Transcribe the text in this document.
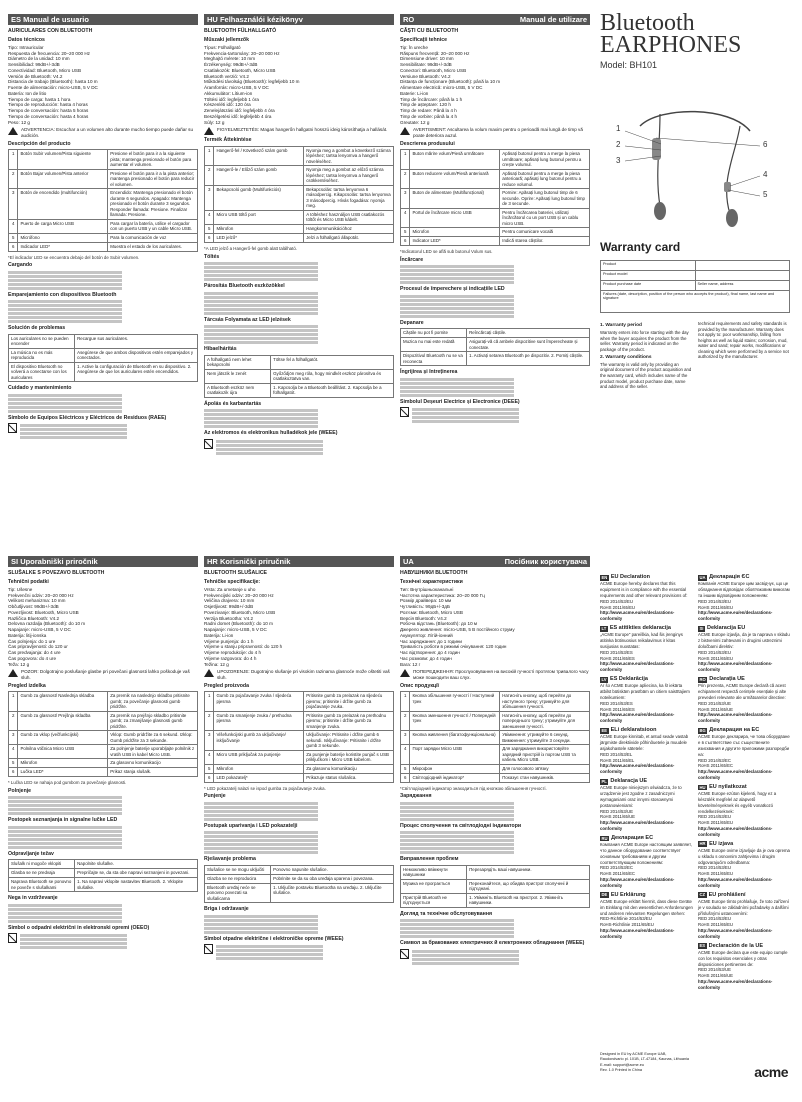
ES Manual de usuario
AURICULARES CON BLUETOOTH
Datos técnicos
Tipo: Intrauricular
Respuesta de frecuencia: 20–20 000 Hz
Diámetro de la unidad: 10 mm
Sensibilidad: 99dB+/-3dB
Conectividad: Bluetooth, Micro USB
Versión de Bluetooth: V4.2
Distancia de trabajo (Bluetooth): hasta 10 m
Fuente de alimentación: micro-USB, 5 V DC
Batería: Ion de litio
Tiempo de carga: hasta 1 hora
Tiempo de reproducción: hasta 4 horas
Tiempo de conversación: hasta 5 horas
Tiempo de conversación: hasta 4 horas
Peso: 12 g
ADVERTENCIA: Escuchar a un volumen alto durante mucho tiempo puede dañar su audición.
Descripción del producto
1	Botón Subir volumen/Pista siguiente	Presione el botón para ir a la siguiente pista; mantenga presionado el botón para aumentar el volumen.
2	Botón Bajar volumen/Pista anterior	Presione el botón para ir a la pista anterior; mantenga presionado el botón para reducir el volumen.
3	Botón de encendido (multifunción)	Encendido: Mantenga presionado el botón durante 6 segundos. Apagado: Mantenga presionado el botón durante 3 segundos. Responder llamada: Presione. Finalizar llamada: Presione.
4	Puerto de carga Micro USB	Para cargar la batería, utilice el cargador con un puerto USB y un cable Micro USB.
5	Micrófono	Para la comunicación de voz
6	Indicador LED*	Muestra el estado de los auriculares.
*El indicador LED se encuentra debajo del botón de Subir volumen.
Cargando
Emparejamiento con dispositivos Bluetooth
Solución de problemas
Los auriculares no se pueden encender	Recargue sus auriculares.
La música no es más reproducida	Asegúrese de que ambos dispositivos estén emparejados y conectados.
El dispositivo Bluetooth no volverá a conectarse con los auriculares	1. Active la configuración de Bluetooth en su dispositivo. 2. Asegúrese de que los auriculares estén encendidos.
Cuidado y mantenimiento
Símbolo de Equipos Eléctricos y Eléctricos de Residuos (RAEE)
HU Felhasználói kézikönyv
BLUETOOTH FÜLHALLGATÓ
Műszaki jellemzők
Típus: Fülhallgató
Frekvencia-tartomány: 20–20 000 Hz
Meghajtó mérete: 10 mm
Érzékenység: 99dB+/-3dB
Csatlakozók: Bluetooth, Micro USB
Bluetooth verzió: V4.2
Működési távolság (Bluetooth): legfeljebb 10 m
Áramforrás: micro-USB, 5 V DC
Akkumulátor: Lítium-ion
Töltési idő: legfeljebb 1 óra
Készenléti idő: 120 óra
Zenelejátszási idő: legfeljebb 4 óra
Beszélgetési idő: legfeljebb 4 óra
Súly: 12 g
FIGYELMEZTETÉS: Magas hangerőn hallgatni hosszú ideig károsíthatja a hallását.
Termék Áttekintése
1	Hangerő-fel / Következő szám gomb	Nyomja meg a gombot a következő számra lépéshez; tartsa lenyomva a hangerő növeléséhez.
2	Hangerő-le / Előző szám gomb	Nyomja meg a gombot az előző számra lépéshez; tartsa lenyomva a hangerő csökkentéséhez.
3	Bekapcsoló gomb (Multifunkciós)	Bekapcsolás: tartsa lenyomva 6 másodpercig. Kikapcsolás: tartsa lenyomva 3 másodpercig. Hívás fogadása: nyomja meg.
4	Micro USB töltő port	A töltéshez használjon USB csatlakozós töltőt és Micro USB kábelt.
5	Mikrofon	Hangkommunikációhoz
6	LED jelző*	Jelzi a fülhallgató állapotát.
*A LED jelző a Hangerő-fel gomb alatt található.
Töltés
Párosítás Bluetooth eszközökkel
Tárcsás Folyamata az LED jelzések
Hibaelhárítás
A fülhallgató nem lehet bekapcsolni	Töltse fel a fülhallgatót.
Nem játszik le zenét	Győződjön meg róla, hogy mindkét eszköz párosítva és csatlakoztatva van.
A Bluetooth eszköz nem csatlakozik újra	1. Kapcsolja be a Bluetooth beállítást. 2. Kapcsolja be a fülhallgatót.
Ápolás és karbantartás
Az elektromos és elektronikus hulladékok jele (WEEE)
RO	Manual de utilizare
CĂȘTI CU BLUETOOTH
Specificații tehnice
Tip: În ureche
Răspuns frecvență: 20–20 000 Hz
Dimensiune driver: 10 mm
Sensibilitate: 99dB+/-3dB
Conectori: Bluetooth, Micro USB
Versiune Bluetooth: V4.2
Distanța de funcționare (Bluetooth): până la 10 m
Alimentare electrică: micro-USB, 5 V DC
Baterie: Li-ion
Timp de încărcare: până la 1 h
Timp de așteptare: 120 h
Timp de redare: Până la 4 h
Timp de vorbire: până la 4 h
Greutate: 12 g
AVERTISMENT: Ascultarea la volum maxim pentru o perioadă mai lungă de timp vă poate deteriora auzul.
Descrierea produsului
1	Buton mărire volum/Piesă următoare	Apăsați butonul pentru a merge la piesa următoare; apăsați lung butonul pentru a crește volumul.
2	Buton reducere volum/Piesă anterioară	Apăsați butonul pentru a merge la piesa anterioară; apăsați lung butonul pentru a reduce volumul.
3	Buton de alimentare (Multifuncțional)	Pornire: Apăsați lung butonul timp de 6 secunde. Oprire: Apăsați lung butonul timp de 3 secunde.
4	Portul de încărcare micro USB	Pentru încărcarea bateriei, utilizați încărcătorul cu un port USB și un cablu micro USB.
5	Microfon	Pentru comunicare vocală
6	Indicator LED*	Indică starea căștilor.
*Indicatorul LED se află sub butonul Volum sus.
Încărcare
Procesul de împerechere și indicațiile LED
Depanare
Căștile nu pot fi pornite	Reîncărcați căștile.
Muzica nu mai este redată	Asigurați-vă că ambele dispozitive sunt împerecheate și conectate.
Dispozitivul Bluetooth nu se va reconecta	1. Activați setarea Bluetooth pe dispozitiv. 2. Porniți căștile.
Îngrijirea și întreținerea
Simbolul Deșeuri Electrice și Electronice (DEEE)
SI Uporabniški priročnik
SLUŠALKE S POVEZAVO BLUETOOTH
Tehnični podatki
Tip: Ušesne
Frekvenčni odziv: 20–20 000 Hz
Velikost mehanizma: 10 mm
Občutljivost: 99dB+/-3dB
Povezljivost: Bluetooth, Micro USB
Različica Bluetooth: V4.2
Delovna razdalja (Bluetooth): do 10 m
Napajanje: micro-USB, 5 V DC
Baterija: litij-ionska
Čas polnjenja: do 1 ure
Čas pripravljenosti: do 120 ur
Čas predvajanja: do 4 ure
Čas pogovora: do 4 ure
Teža: 12 g
POZOR: Dolgotrajno poslušanje glasbe pri povečani glasnosti lahko poškoduje vaš sluh.
Pregled izdelka
1	Gumb za glasnost/ Naslednja skladba	Za premik na naslednjo skladbo pritisnite gumb; za povečanje glasnosti gumb pridržite.
2	Gumb za glasnost/ Prejšnja skladba	Za premik na prejšnjo skladbo pritisnite gumb; za zmanjšanje glasnosti gumb pridržite.
3	Gumb za vklop (večfunkcijski)	Vklop: Gumb pridržite za 6 sekund. Izklop: Gumb pridržite za 3 sekunde.
4	Polnilna vtičnica Micro USB	Za polnjenje baterije uporabljajte polnilnik z vratih USB in kabel Micro USB.
5	Mikrofon	Za glasovno komunikacijo
6	Lučka LED*	Prikaz stanja slušalk.
* Lučka LED se nahaja pod gumbom za povečanje glasnosti.
Polnjenje
Postopek seznanjanja in signalne lučke LED
Odpravljanje težav
Slušalk ni mogoče vklopiti	Napolnite slušalke.
Glasba se ne predvaja	Prepričajte se, da sta obe napravi seznanjeni in povezani.
Naprava Bluetooth se ponovno ne poveže s slušalkami	1. Na napravi vklopite nastavitev Bluetooth. 2. Vklopite slušalke.
Nega in vzdrževanje
Simbol o odpadni električni in elektronski opremi (OEEO)
HR Korisnički priručnik
BLUETOOTH SLUŠALICE
Tehničke specifikacije:
Vrsta: Za umetanje u uho
Frekvencijski odziv: 20–20 000 Hz
Veličina drajvera: 10 mm
Osjetljivost: 99dB+/-3dB
Povezivanje: Bluetooth, Micro USB
Verzija Bluetootha: V4.2
Radni domet (Bluetooth): do 10 m
Napajanje: micro-USB, 5 V DC
Baterija: Li-ion
Vrijeme punjenja: do 1 h
Vrijeme u stanju pripravnosti: do 120 h
Vrijeme reprodukcije: do 4 h
Vrijeme razgovora: do 4 h
Težina: 12 g
UPOZORENJE: Dugotrajno slušanje pri visokim razinama glasnoće može oštetiti vaš sluh.
Pregled proizvoda
1	Gumb za pojačavanje zvuka / sljedeća pjesma	Pritisnite gumb za prelazak na sljedeću pjesmu; pritisnite i držite gumb za pojačavanje zvuka.
2	Gumb za smanjenje zvuka / prethodna pjesma	Pritisnite gumb za prelazak na prethodnu pjesmu; pritisnite i držite gumb za smanjenje zvuka.
3	Višefunkcijski gumb za uključivanje/ isključivanje	Uključivanje: Pritisnite i držite gumb 6 sekundi. Isključivanje: Pritisnite i držite gumb 3 sekunde.
4	Micro USB priključak za punjenje	Za punjenje baterije koristite punjač s USB priključkom i Micro USB kabelom.
5	Mikrofon	Za glasovnu komunikaciju
6	LED pokazatelj*	Prikazuje status slušalica.
* LED pokazatelj nalazi se ispod gumba za pojačavanje zvuka.
Punjenje
Postupak uparivanja i LED pokazatelji
Rješavanje problema
Slušalice se ne mogu uključiti	Ponovno napunite slušalice.
Glazba se ne reproducira	Pobrinite se da su oba uređaja uparena i povezana.
Bluetooth uređaj neće se ponovno povezati sa slušalicama	1. Uključite postavku Bluetootha na uređaju. 2. Uključite slušalice.
Briga i održavanje
Simbol otpadne električne i elektroničke opreme (WEEE)
UA	Посібник користувача
НАВУШНИКИ BLUETOOTH
Технічні характеристики
Тип: Внутрішньоканальні
Частотна характеристика: 20–20 000 Гц
Розмір драйвера: 10 мм
Чутливість: 99дБ+/-3дБ
Роз'єми: Bluetooth, Micro USB
Версія Bluetooth: V4.2
Робоча відстань (Bluetooth): до 10 м
Джерело живлення: micro-USB, 5 В постійного струму
Акумулятор: Літій-іонний
Час заряджання: до 1 години
Тривалість роботи в режимі очікування: 120 годин
Час відтворення: до 4 годин
Час розмови: до 4 годин
Вага: 12 г
ПОПЕРЕДЖЕННЯ: Прослуховування на високій гучності протягом тривалого часу може пошкодити ваш слух.
Опис продукції
1	Кнопка збільшення гучності / Наступний трек	Натисніть кнопку, щоб перейти до наступного треку; утримуйте для збільшення гучності.
2	Кнопка зменшення гучності / Попередній трек	Натисніть кнопку, щоб перейти до попереднього треку; утримуйте для зменшення гучності.
3	Кнопка живлення (багатофункціональна)	Увімкнення: утримуйте 6 секунд. Вимкнення: утримуйте 3 секунди.
4	Порт зарядки Micro USB	Для заряджання використовуйте зарядний пристрій із портом USB та кабель Micro USB.
5	Мікрофон	Для голосового зв'язку
6	Світлодіодний індикатор*	Показує стан навушників.
*Світлодіодний індикатор знаходиться під кнопкою збільшення гучності.
Заряджання
Процес сполучення та світлодіодні індикатори
Виправлення проблем
Неможливо ввімкнути навушники	Перезарядіть ваші навушники.
Музика не програється	Переконайтеся, що обидва пристрої сполучені й під'єднані.
Пристрій Bluetooth не під'єднується	1. Увімкніть Bluetooth на пристрої. 2. Увімкніть навушники.
Догляд та технічне обслуговування
Символ за бракованих електричних й електронних обладнання (WEEE)
Bluetooth
EARPHONES
Model: BH101
1
2
3
4
5
6
Warranty card
Product	
Product model	
Product purchase date	Seller name, address
Failures (date, description, position of the person who accepts the product), final name, last name and signature	
1. Warranty period
Warranty enters into force starting with the day when the buyer acquires the product from the seller. Warranty period is indicated on the package of the product.
2. Warranty conditions
The warranty is valid only by providing an original document of the product acquisition and the warranty card, which includes name of the product model, product purchase date, name and address of the seller.
technical requirements and safety standards is provided by the manufacturer. Warranty does not apply to: poor workmanship, falling from heights as well as liquid stains; corrosion, mud, water and sand; repair works, modifications or cleaning which were performed by a service not authorized by the manufacturer.
EN EU Declaration
ACME Europe hereby declares that this equipment is in compliance with the essential requirements and other relevant provisions of:
RED 2014/53/EU
RoHS 2011/65/EU
http://www.acme.eu/en/declarations-conformity
LT ES atitikties deklaracija
„ACME Europe" pareiškia, kad šis įrenginys atitinka būtinuosius reikalavimus ir kitas susijusias nuostatas:
RED 2014/53/ES
RoHS 2011/65/ES
http://www.acme.eu/en/declarations-conformity
LV ES Deklarācija
Ar šo ACME Europe apliecina, ka šī iekārta atbilst būtiskām prasībām un citiem saistītajiem noteikumiem:
RED 2014/53/ES
RoHS 2011/65/ES
http://www.acme.eu/en/declarations-conformity
EE ELi deklaratsioon
ACME Europe kinnitab, et antud seade vastab järgmiste direktiivide põhinõuetele ja muudele asjakohastele sätetele:
RED 2014/53/EL
RoHS 2011/65/EL
http://www.acme.eu/en/declarations-conformity
PL Deklaracja UE
ACME Europe niniejszym oświadcza, że to urządzenie jest zgodne z zasadniczymi wymaganiami oraz innymi stosownymi postanowieniami:
RED 2014/53/UE
RoHS 2011/65/UE
http://www.acme.eu/en/declarations-conformity
RU Декларация ЕС
Компания ACME Europe настоящим заявляет, что данное оборудование соответствует основным требованиям и другим соответствующим положениям:
RED 2014/53/EC
RoHS 2011/65/EC
http://www.acme.eu/en/declarations-conformity
DE EU Erklärung
ACME Europe erklärt hiermit, dass diese Geräte im Einklang mit den wesentlichen Anforderungen und anderen relevanten Regelungen stehen:
RED-Richtlinie 2014/53/EU
RoHS-Richtlinie 2011/65/EU
http://www.acme.eu/en/declarations-conformity
UA Декларація ЄС
Компанія ACME Europe цим засвідчує, що це обладнання відповідає обов'язковим вимогам та іншим відповідним положенням:
RED 2014/53/EU
RoHS 2011/65/EU
http://www.acme.eu/en/declarations-conformity
SI Deklaracija EU
ACME Europe izjavlja, da je ta naprava v skladu z bistvenimi zahtevami in drugimi ustreznimi določbami direktiv:
RED 2014/53/EU
RoHS 2011/65/EU
http://www.acme.eu/en/declarations-conformity
RO Declarația UE
Prin prezenta, ACME Europe declară că acest echipament respectă cerințele esențiale și alte prevederi relevante ale următoarelor directive:
RED 2014/53/UE
RoHS 2011/65/UE
http://www.acme.eu/en/declarations-conformity
BG Декларация на ЕС
ACME Europe декларира, че това оборудване е в съответствие със съществените изисквания и другите приложими разпоредби на:
RED 2014/53/EC
RoHS 2011/65/EC
http://www.acme.eu/en/declarations-conformity
HU EU nyilatkozat
ACME Europe ezúton kijelenti, hogy ez a készülék megfelel az alapvető követelményeknek és egyéb vonatkozó rendelkezéseknek:
RED 2014/53/EU
RoHS 2011/65/EU
http://www.acme.eu/en/declarations-conformity
HR EU izjava
ACME Europe ovime izjavljuje da je ova oprema u skladu s osnovnim zahtjevima i drugim odgovarajućim odredbama:
RED 2014/53/EU
RoHS 2011/65/EU
http://www.acme.eu/en/declarations-conformity
CZ EU prohlášení
ACME Europe tímto prohlašuje, že toto zařízení je v souladu se základními požadavky a dalšími příslušnými ustanoveními:
RED 2014/53/EU
RoHS 2011/65/EU
http://www.acme.eu/en/declarations-conformity
ES Declaración de la UE
ACME Europe declara que este equipo cumple con los requisitos esenciales y otras disposiciones pertinentes de:
RED 2014/53/UE
RoHS 2011/65/UE
http://www.acme.eu/en/declarations-conformity
Designed in EU by ACME Europe UAB,
Raudondvario pl. 101B, LT-47184, Kaunas, Lithuania
E-mail: support@acme.eu
Rev. 1.0 Printed in China	acme
